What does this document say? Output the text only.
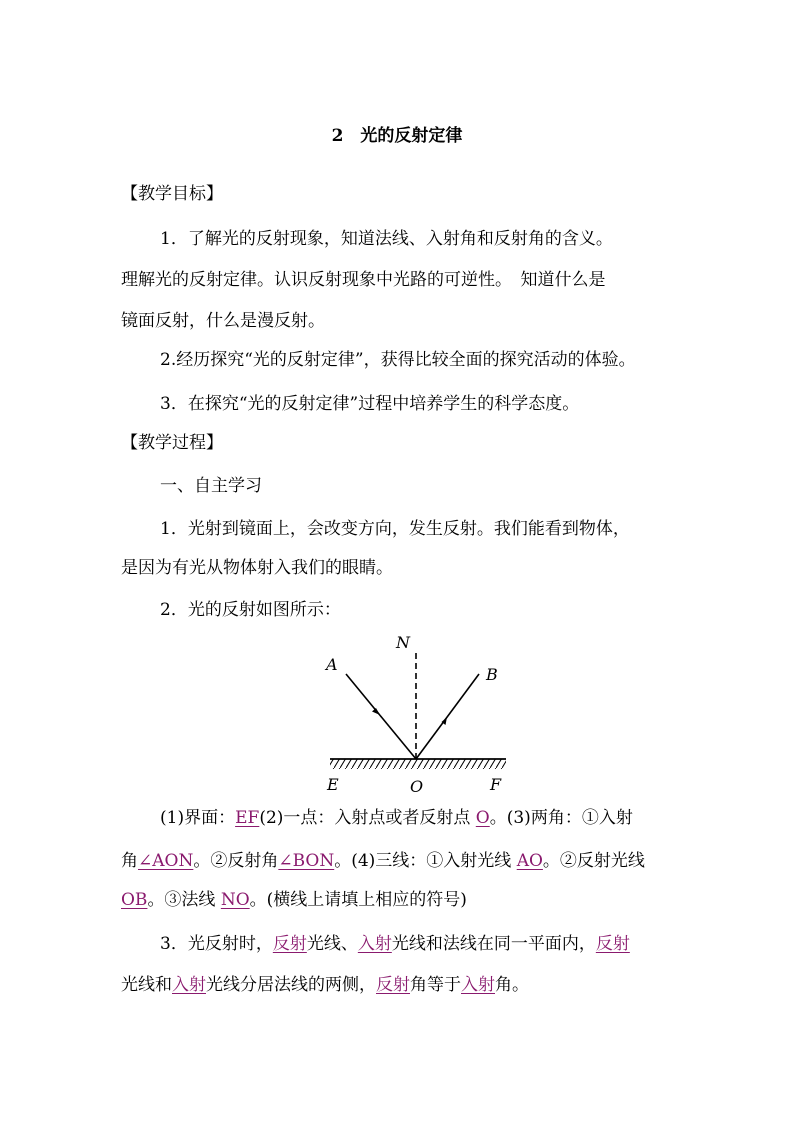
2　光的反射定律

【教学目标】

1．了解光的反射现象，知道法线、入射角和反射角的含义。

理解光的反射定律。认识反射现象中光路的可逆性。　知道什么是

镜面反射，什么是漫反射。

2.经历探究“光的反射定律”，获得比较全面的探究活动的体验。

3．在探究“光的反射定律”过程中培养学生的科学态度。

【教学过程】

一、自主学习

1．光射到镜面上，会改变方向，发生反射。我们能看到物体，

是因为有光从物体射入我们的眼睛。

2．光的反射如图所示：

N
A
B
E	O	F

(1)界面：EF(2)一点：入射点或者反射点 O。(3)两角：①入射

角∠AON。②反射角∠BON。(4)三线：①入射光线 AO。②反射光线

OB。③法线 NO。(横线上请填上相应的符号)

3．光反射时，反射光线、入射光线和法线在同一平面内，反射

光线和入射光线分居法线的两侧，反射角等于入射角。
